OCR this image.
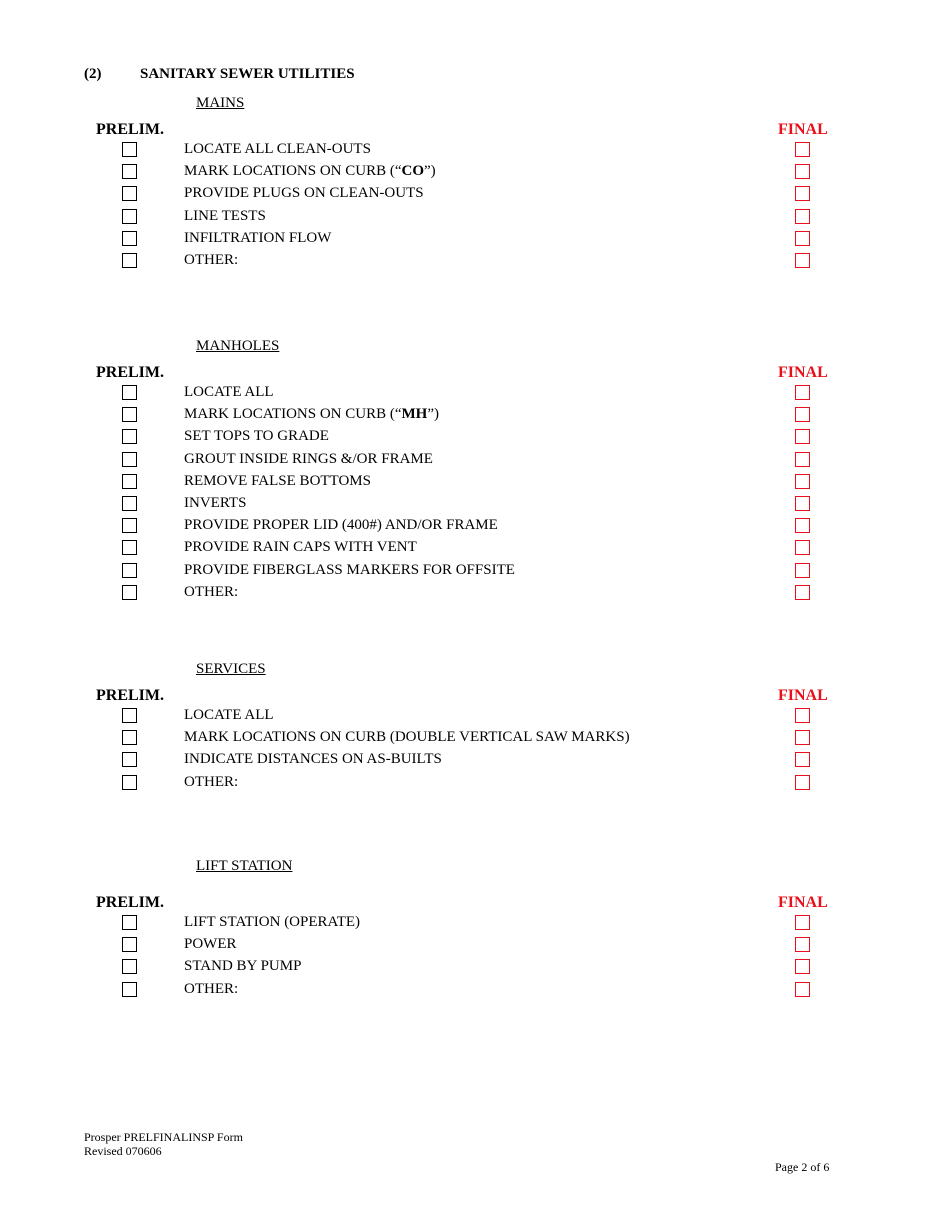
(2)	SANITARY SEWER UTILITIES
MAINS
PRELIM.	FINAL
LOCATE ALL CLEAN-OUTS
MARK LOCATIONS ON CURB (“CO”)
PROVIDE PLUGS ON CLEAN-OUTS
LINE TESTS
INFILTRATION FLOW
OTHER:
MANHOLES
PRELIM.	FINAL
LOCATE ALL
MARK LOCATIONS ON CURB (“MH”)
SET TOPS TO GRADE
GROUT INSIDE RINGS &/OR FRAME
REMOVE FALSE BOTTOMS
INVERTS
PROVIDE PROPER LID (400#) AND/OR FRAME
PROVIDE RAIN CAPS WITH VENT
PROVIDE FIBERGLASS MARKERS FOR OFFSITE
OTHER:
SERVICES
PRELIM.	FINAL
LOCATE ALL
MARK LOCATIONS ON CURB (DOUBLE VERTICAL SAW MARKS)
INDICATE DISTANCES ON AS-BUILTS
OTHER:
LIFT STATION
PRELIM.	FINAL
LIFT STATION (OPERATE)
POWER
STAND BY PUMP
OTHER:
Prosper PRELFINALINSP Form
Revised 070606
Page 2 of 6
